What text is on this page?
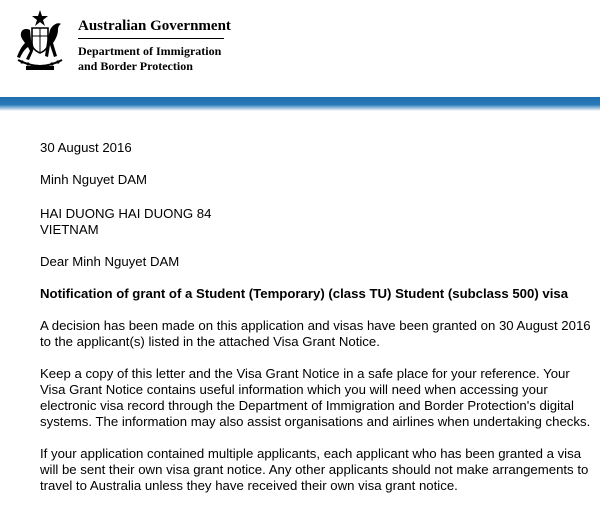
Australian Government
Department of Immigration
and Border Protection

30 August 2016

Minh Nguyet DAM

HAI DUONG HAI DUONG 84

VIETNAM

Dear Minh Nguyet DAM

Notification of grant of a Student (Temporary) (class TU) Student (subclass 500) visa

A decision has been made on this application and visas have been granted on 30 August 2016 to the applicant(s) listed in the attached Visa Grant Notice.

Keep a copy of this letter and the Visa Grant Notice in a safe place for your reference. Your Visa Grant Notice contains useful information which you will need when accessing your electronic visa record through the Department of Immigration and Border Protection's digital systems. The information may also assist organisations and airlines when undertaking checks.

If your application contained multiple applicants, each applicant who has been granted a visa will be sent their own visa grant notice. Any other applicants should not make arrangements to travel to Australia unless they have received their own visa grant notice.
